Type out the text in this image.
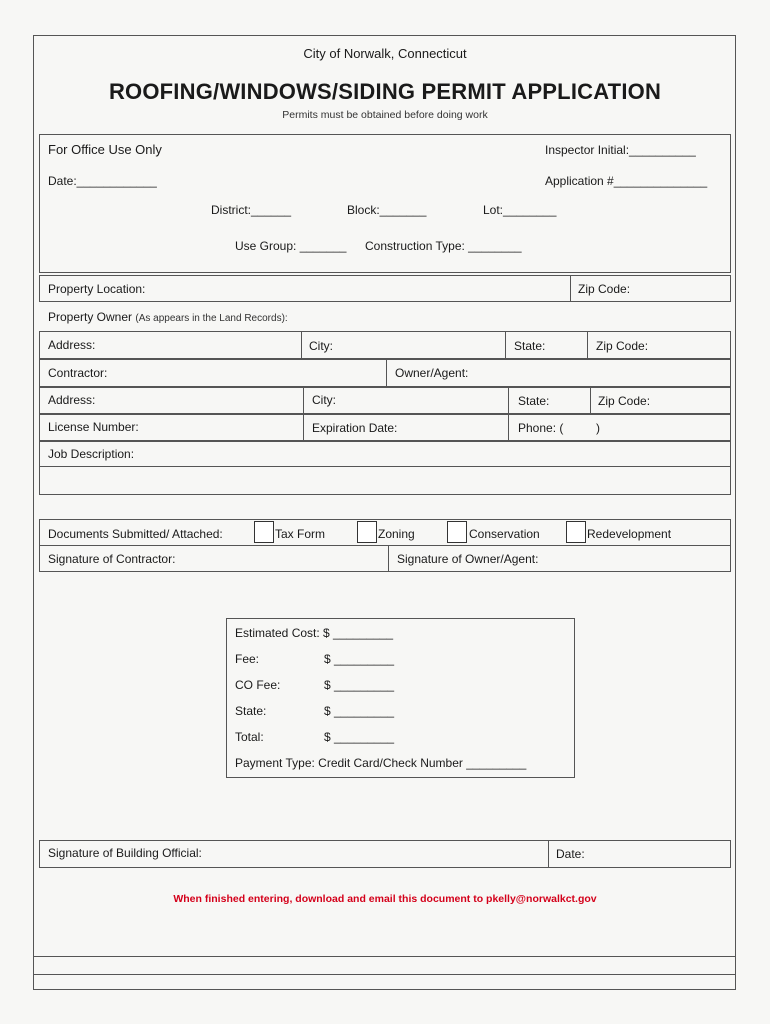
City of Norwalk, Connecticut
ROOFING/WINDOWS/SIDING PERMIT APPLICATION
Permits must be obtained before doing work
For Office Use Only	Inspector Initial:__________
Date:____________	Application #______________
District:______	Block:_______	Lot:________
Use Group: _______ Construction Type: ________
Property Location:	Zip Code:
Property Owner (As appears in the Land Records):
Address:	City:	State:	Zip Code:
Contractor:	Owner/Agent:
Address:	City:	State:	Zip Code:
License Number:	Expiration Date:	Phone: (	)
Job Description:
Documents Submitted/ Attached:	Tax Form	Zoning	Conservation	Redevelopment
Signature of Contractor:	Signature of Owner/Agent:
Estimated Cost: $ _________
Fee:	$ _________
CO Fee:	$ _________
State:	$ _________
Total:	$ _________
Payment Type: Credit Card/Check Number _________
Signature of Building Official:	Date:
When finished entering, download and email this document to pkelly@norwalkct.gov
